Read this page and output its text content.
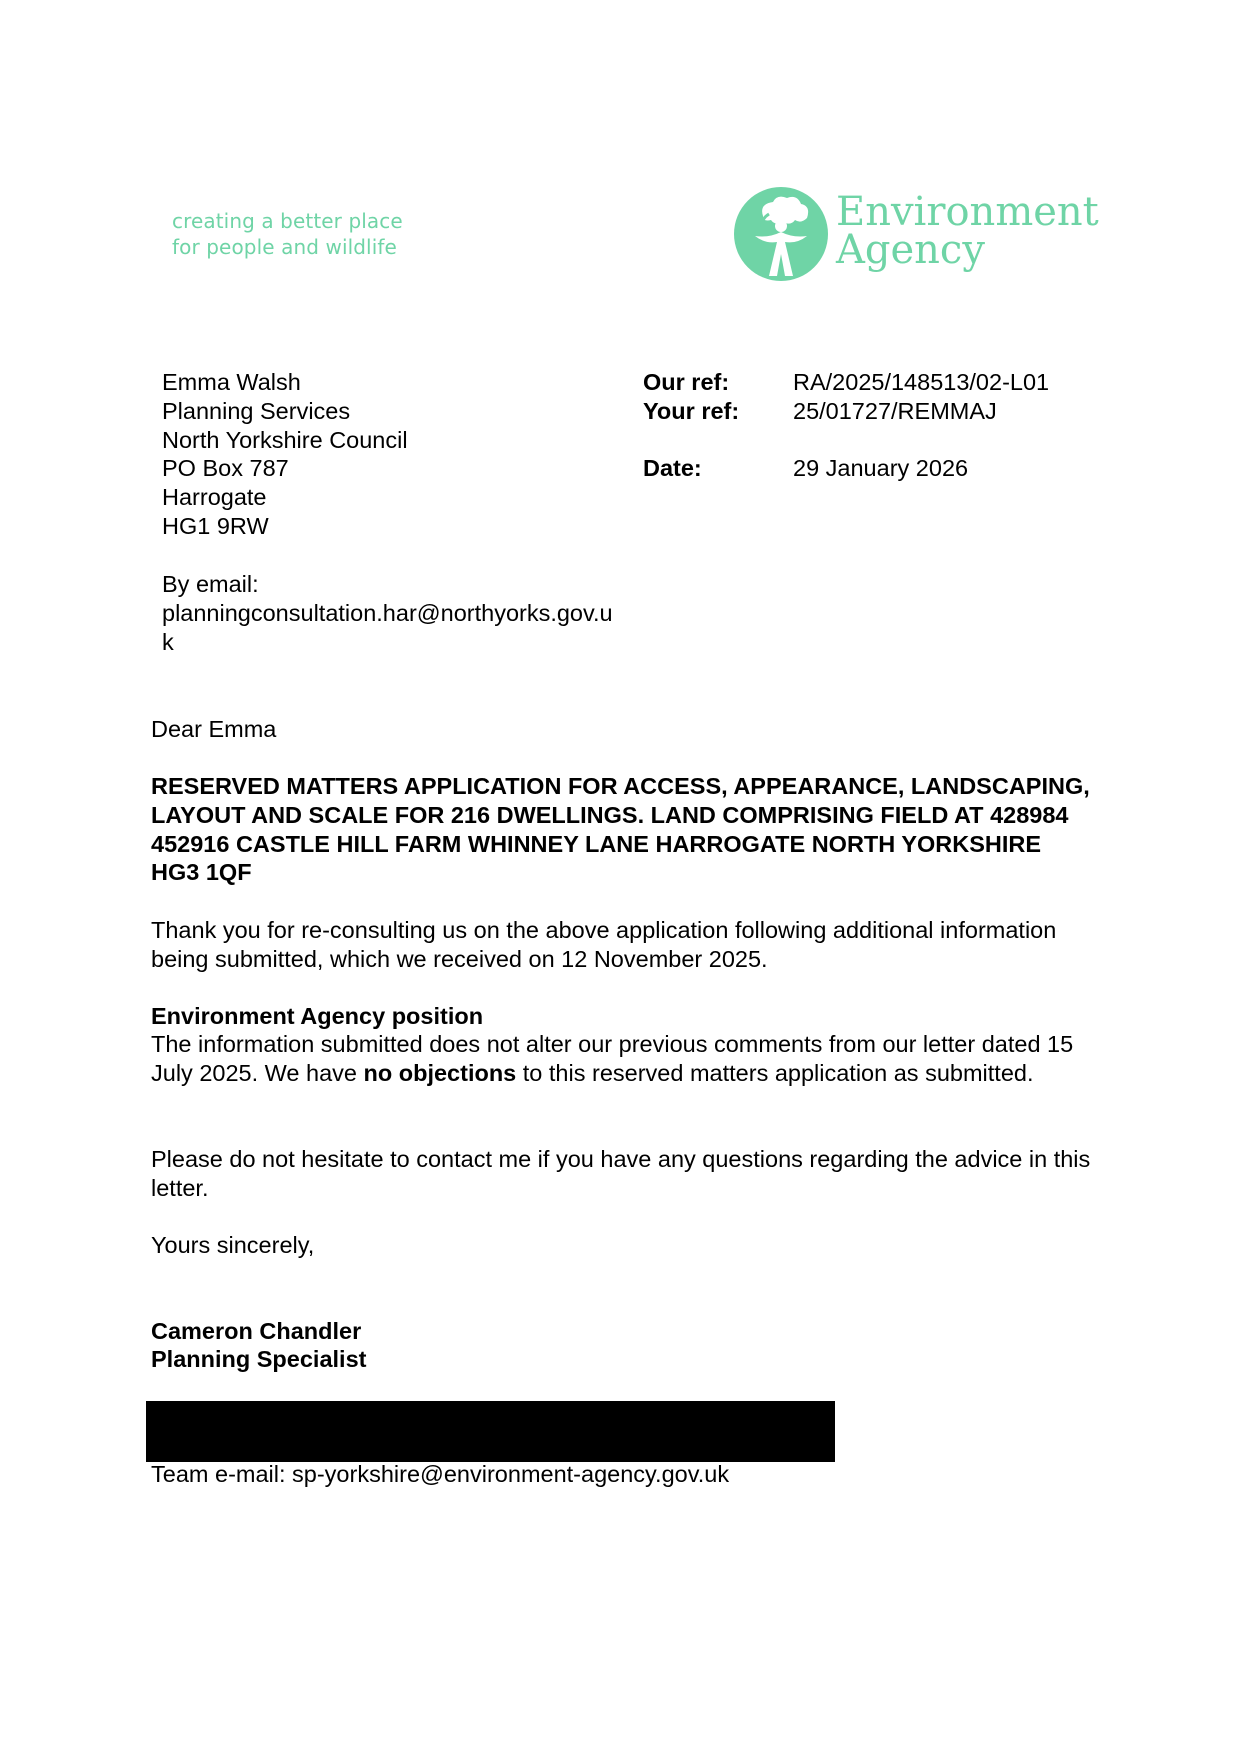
creating a better place
for people and wildlife
Environment
Agency
Emma Walsh
Planning Services
North Yorkshire Council
PO Box 787
Harrogate
HG1 9RW
Our ref:	RA/2025/148513/02-L01
Your ref: 25/01727/REMMAJ
Date:	29 January 2026
By email:
planningconsultation.har@northyorks.gov.uk
Dear Emma
RESERVED MATTERS APPLICATION FOR ACCESS, APPEARANCE, LANDSCAPING, LAYOUT AND SCALE FOR 216 DWELLINGS. LAND COMPRISING FIELD AT 428984 452916 CASTLE HILL FARM WHINNEY LANE HARROGATE NORTH YORKSHIRE HG3 1QF
Thank you for re-consulting us on the above application following additional information being submitted, which we received on 12 November 2025.
Environment Agency position
The information submitted does not alter our previous comments from our letter dated 15 July 2025. We have no objections to this reserved matters application as submitted.
Please do not hesitate to contact me if you have any questions regarding the advice in this letter.
Yours sincerely,
Cameron Chandler
Planning Specialist
Team e-mail: sp-yorkshire@environment-agency.gov.uk
